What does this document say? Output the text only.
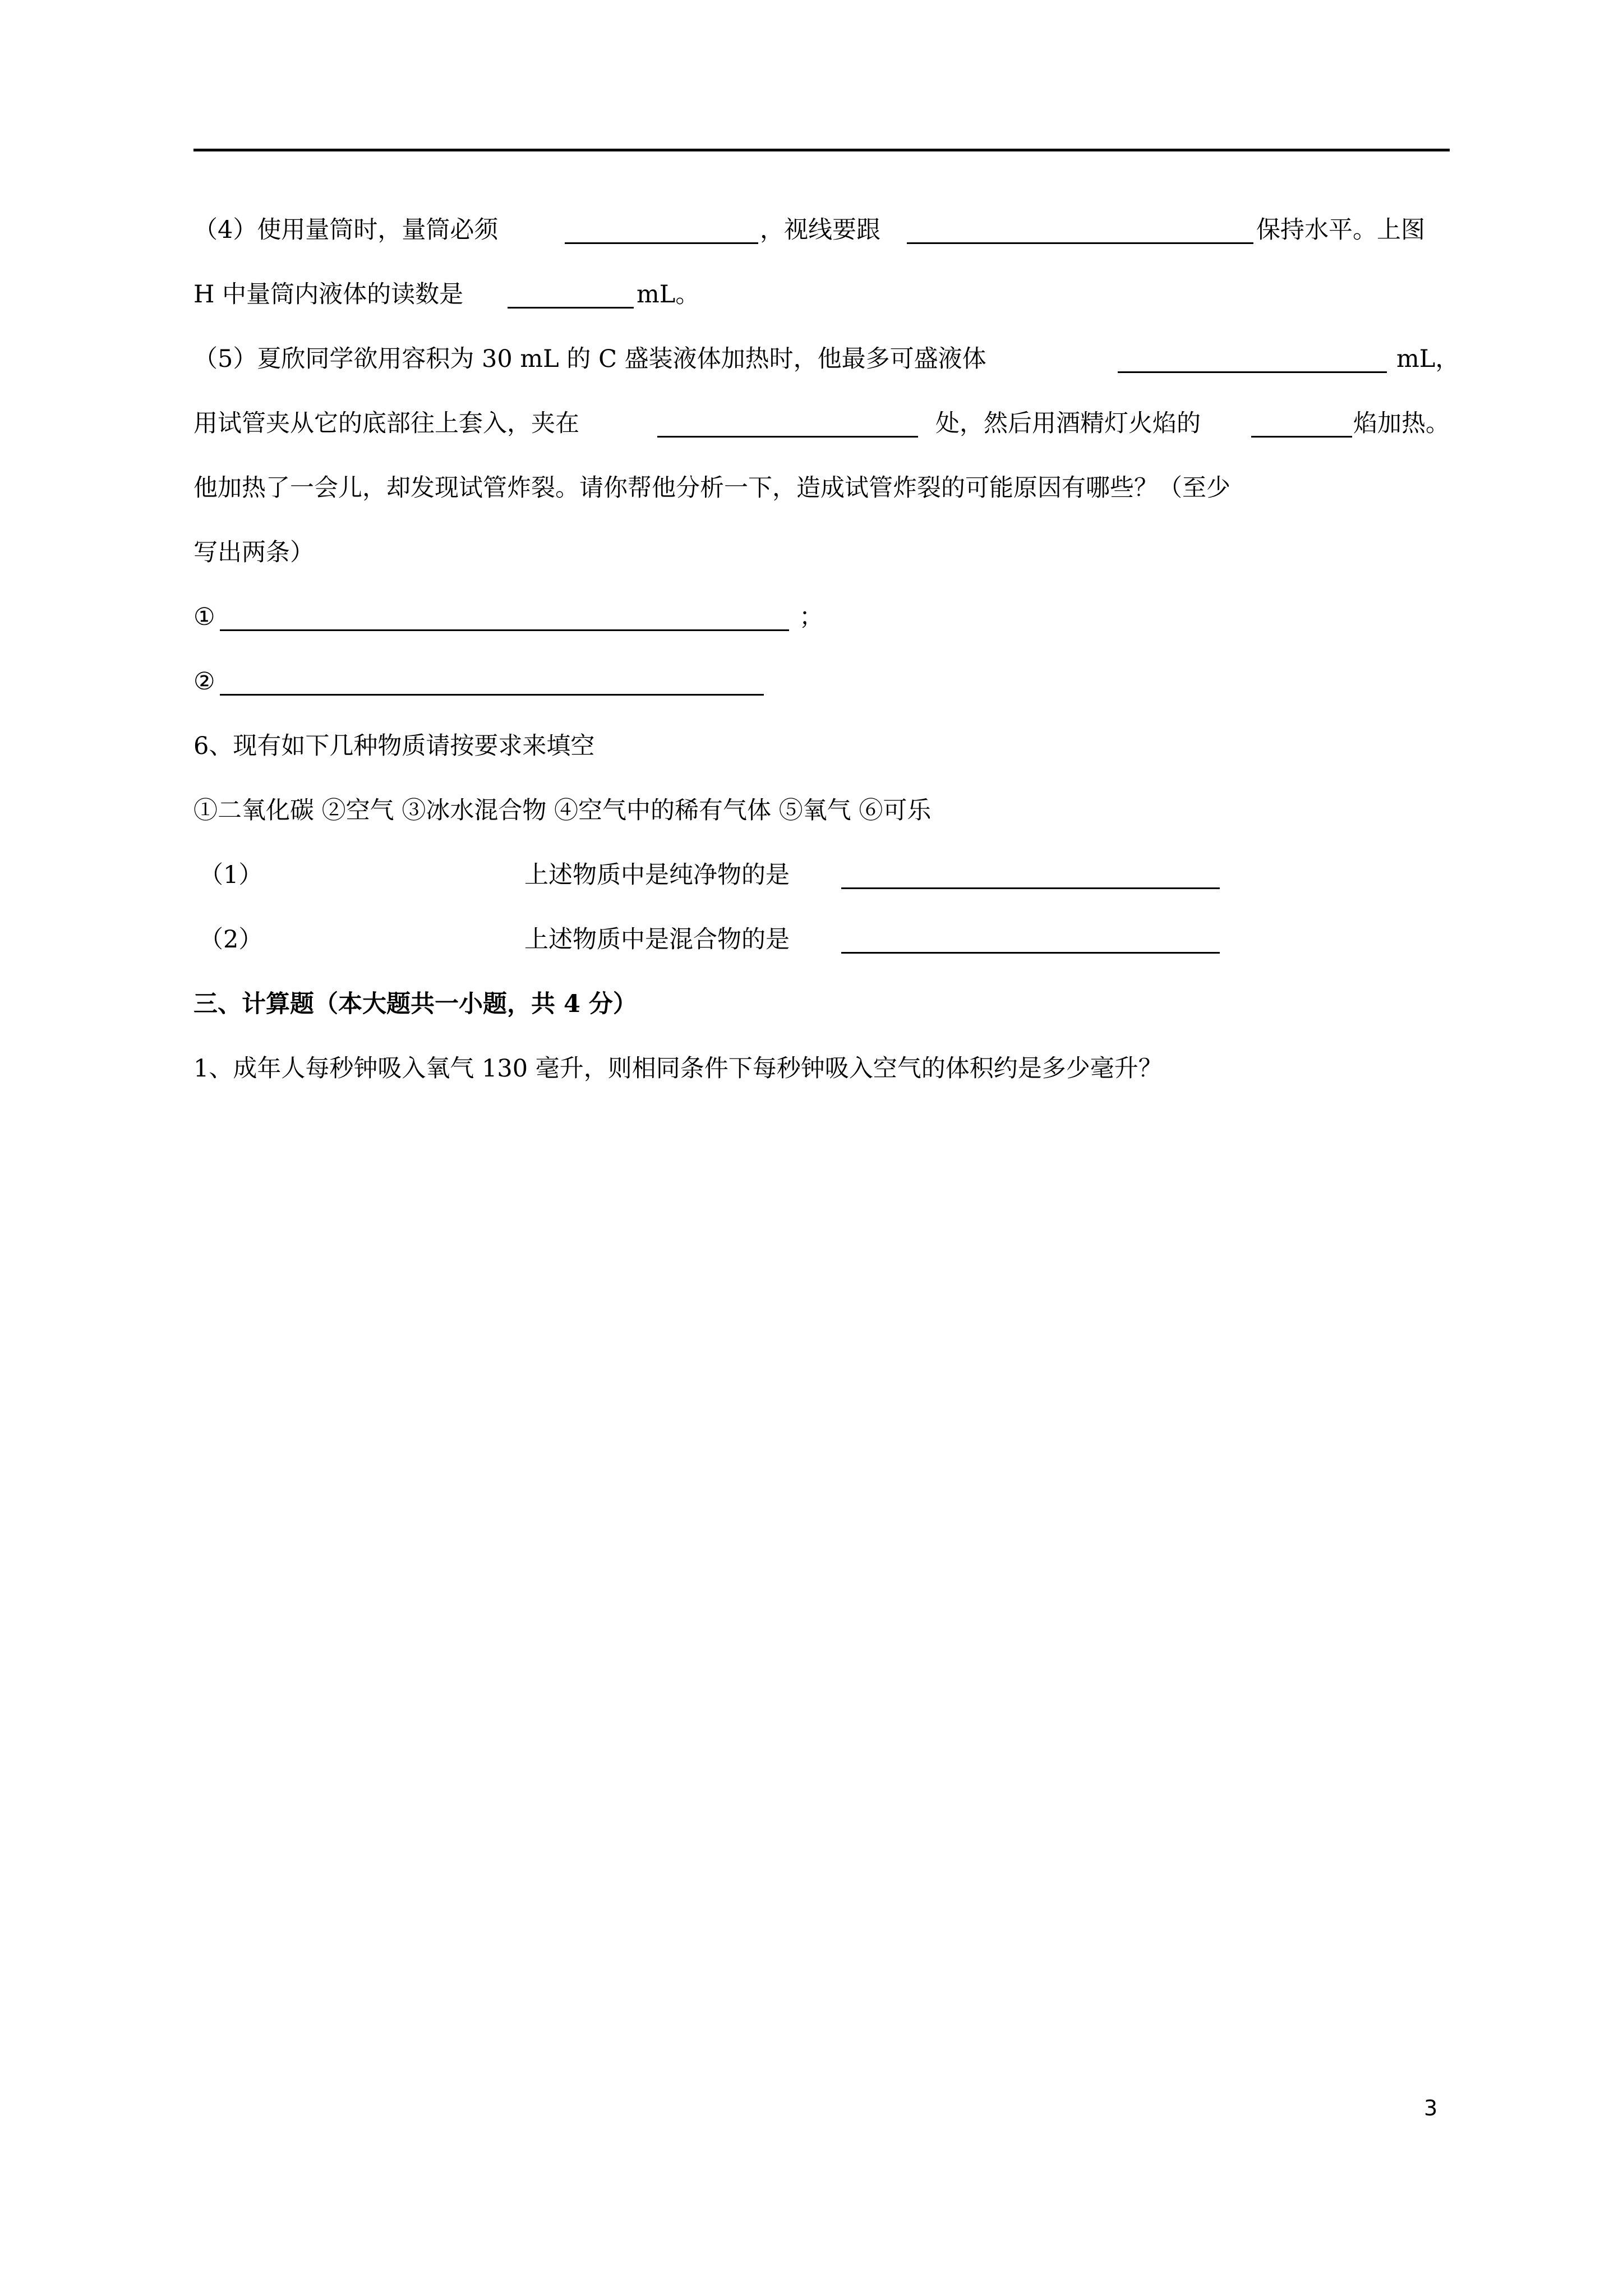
（4）使用量筒时，量筒必须	，视线要跟	保持水平。上图
H 中量筒内液体的读数是	mL。
（5）夏欣同学欲用容积为 30 mL 的 C 盛装液体加热时，他最多可盛液体	mL，
用试管夹从它的底部往上套入，夹在	处，然后用酒精灯火焰的	焰加热。
他加热了一会儿，却发现试管炸裂。请你帮他分析一下，造成试管炸裂的可能原因有哪些？（至少
写出两条）
①	；
②
6、现有如下几种物质请按要求来填空
①二氧化碳 ②空气 ③冰水混合物 ④空气中的稀有气体 ⑤氧气 ⑥可乐
（1）	上述物质中是纯净物的是
（2）	上述物质中是混合物的是
三、计算题（本大题共一小题，共 4 分）
1、成年人每秒钟吸入氧气 130 毫升，则相同条件下每秒钟吸入空气的体积约是多少毫升？
3
